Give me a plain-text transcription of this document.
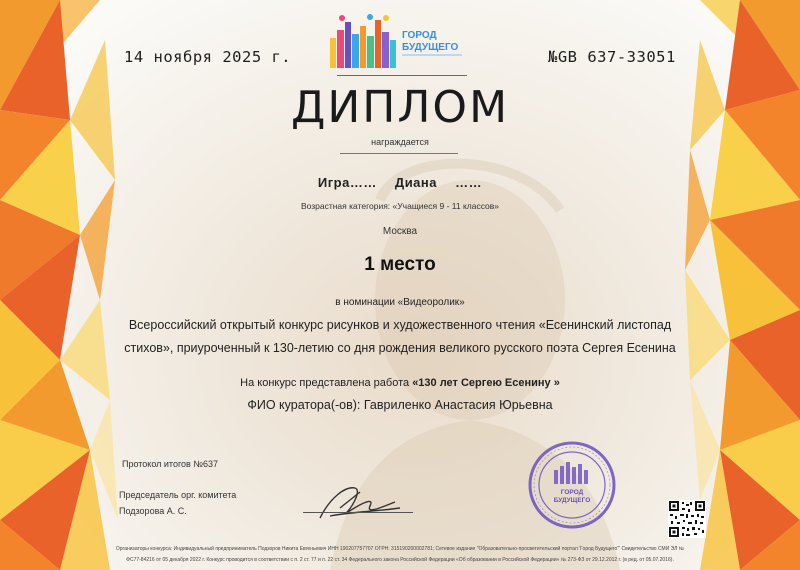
ГОРОД
БУДУЩЕГО
14 ноября 2025 г.	№GB 637-33051
ДИПЛОМ
награждается
Игра…… Диана ……
Возрастная категория: «Учащиеся 9 - 11 классов»
Москва
1 место
в номинации «Видеоролик»
Всероссийский открытый конкурс рисунков и художественного чтения «Есенинский листопад
стихов», приуроченный к 130-летию со дня рождения великого русского поэта Сергея Есенина
На конкурс представлена работа «130 лет Сергею Есенину »
ФИО куратора(-ов): Гавриленко Анастасия Юрьевна
Протокол итогов №637
Председатель орг. комитета
Подзорова А. С.
ГОРОД
БУДУЩЕГО
Организаторы конкурса: Индивидуальный предприниматель Подзоров Никита Евгеньевич ИНН 190207757707 ОГРН: 315190200002781; Сетевое издание "Образовательно-просветительский портал 'Город Будущего'" Свидетельство СМИ ЭЛ №
ФС77-84216 от 05 декабря 2022 г. Конкурс проводится в соответствии с п. 2 ст. 77 и п. 22 ст. 34 Федерального закона Российской Федерации «Об образовании в Российской Федерации» № 273-ФЗ от 29.12.2012 г. (в ред. от 05.07.2016).
